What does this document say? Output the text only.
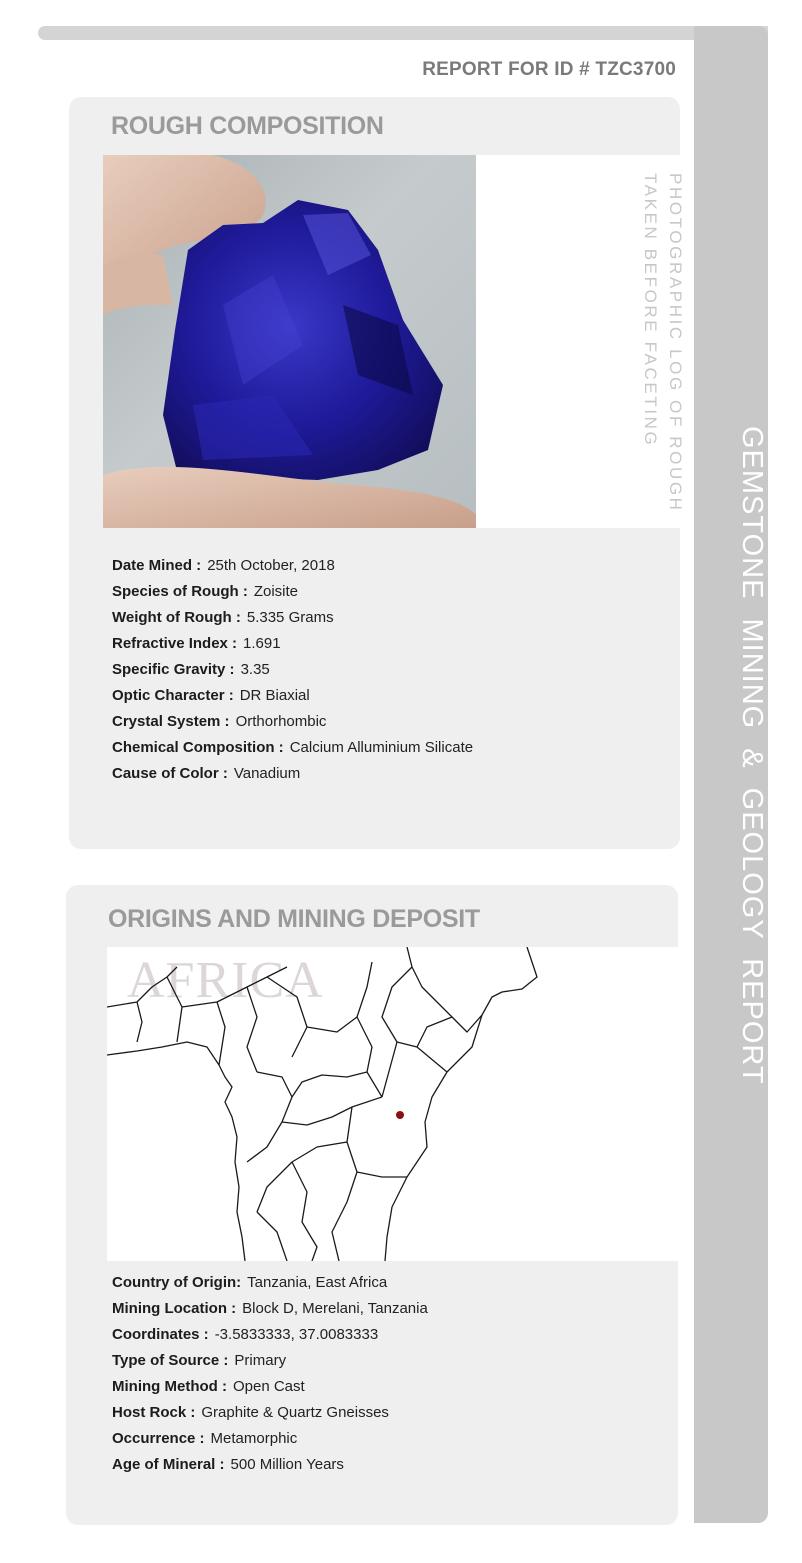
GEMSTONE MINING & GEOLOGY REPORT
REPORT FOR ID # TZC3700
ROUGH COMPOSITION
PHOTOGRAPHIC LOG OF ROUGH
TAKEN BEFORE FACETING
Date Mined : 25th October, 2018
Species of Rough : Zoisite
Weight of Rough : 5.335 Grams
Refractive Index : 1.691
Specific Gravity : 3.35
Optic Character : DR Biaxial
Crystal System : Orthorhombic
Chemical Composition : Calcium Alluminium Silicate
Cause of Color : Vanadium
ORIGINS AND MINING DEPOSIT
AFRICA
Country of Origin: Tanzania, East Africa
Mining Location : Block D, Merelani, Tanzania
Coordinates : -3.5833333, 37.0083333
Type of Source : Primary
Mining Method : Open Cast
Host Rock : Graphite & Quartz Gneisses
Occurrence : Metamorphic
Age of Mineral : 500 Million Years
